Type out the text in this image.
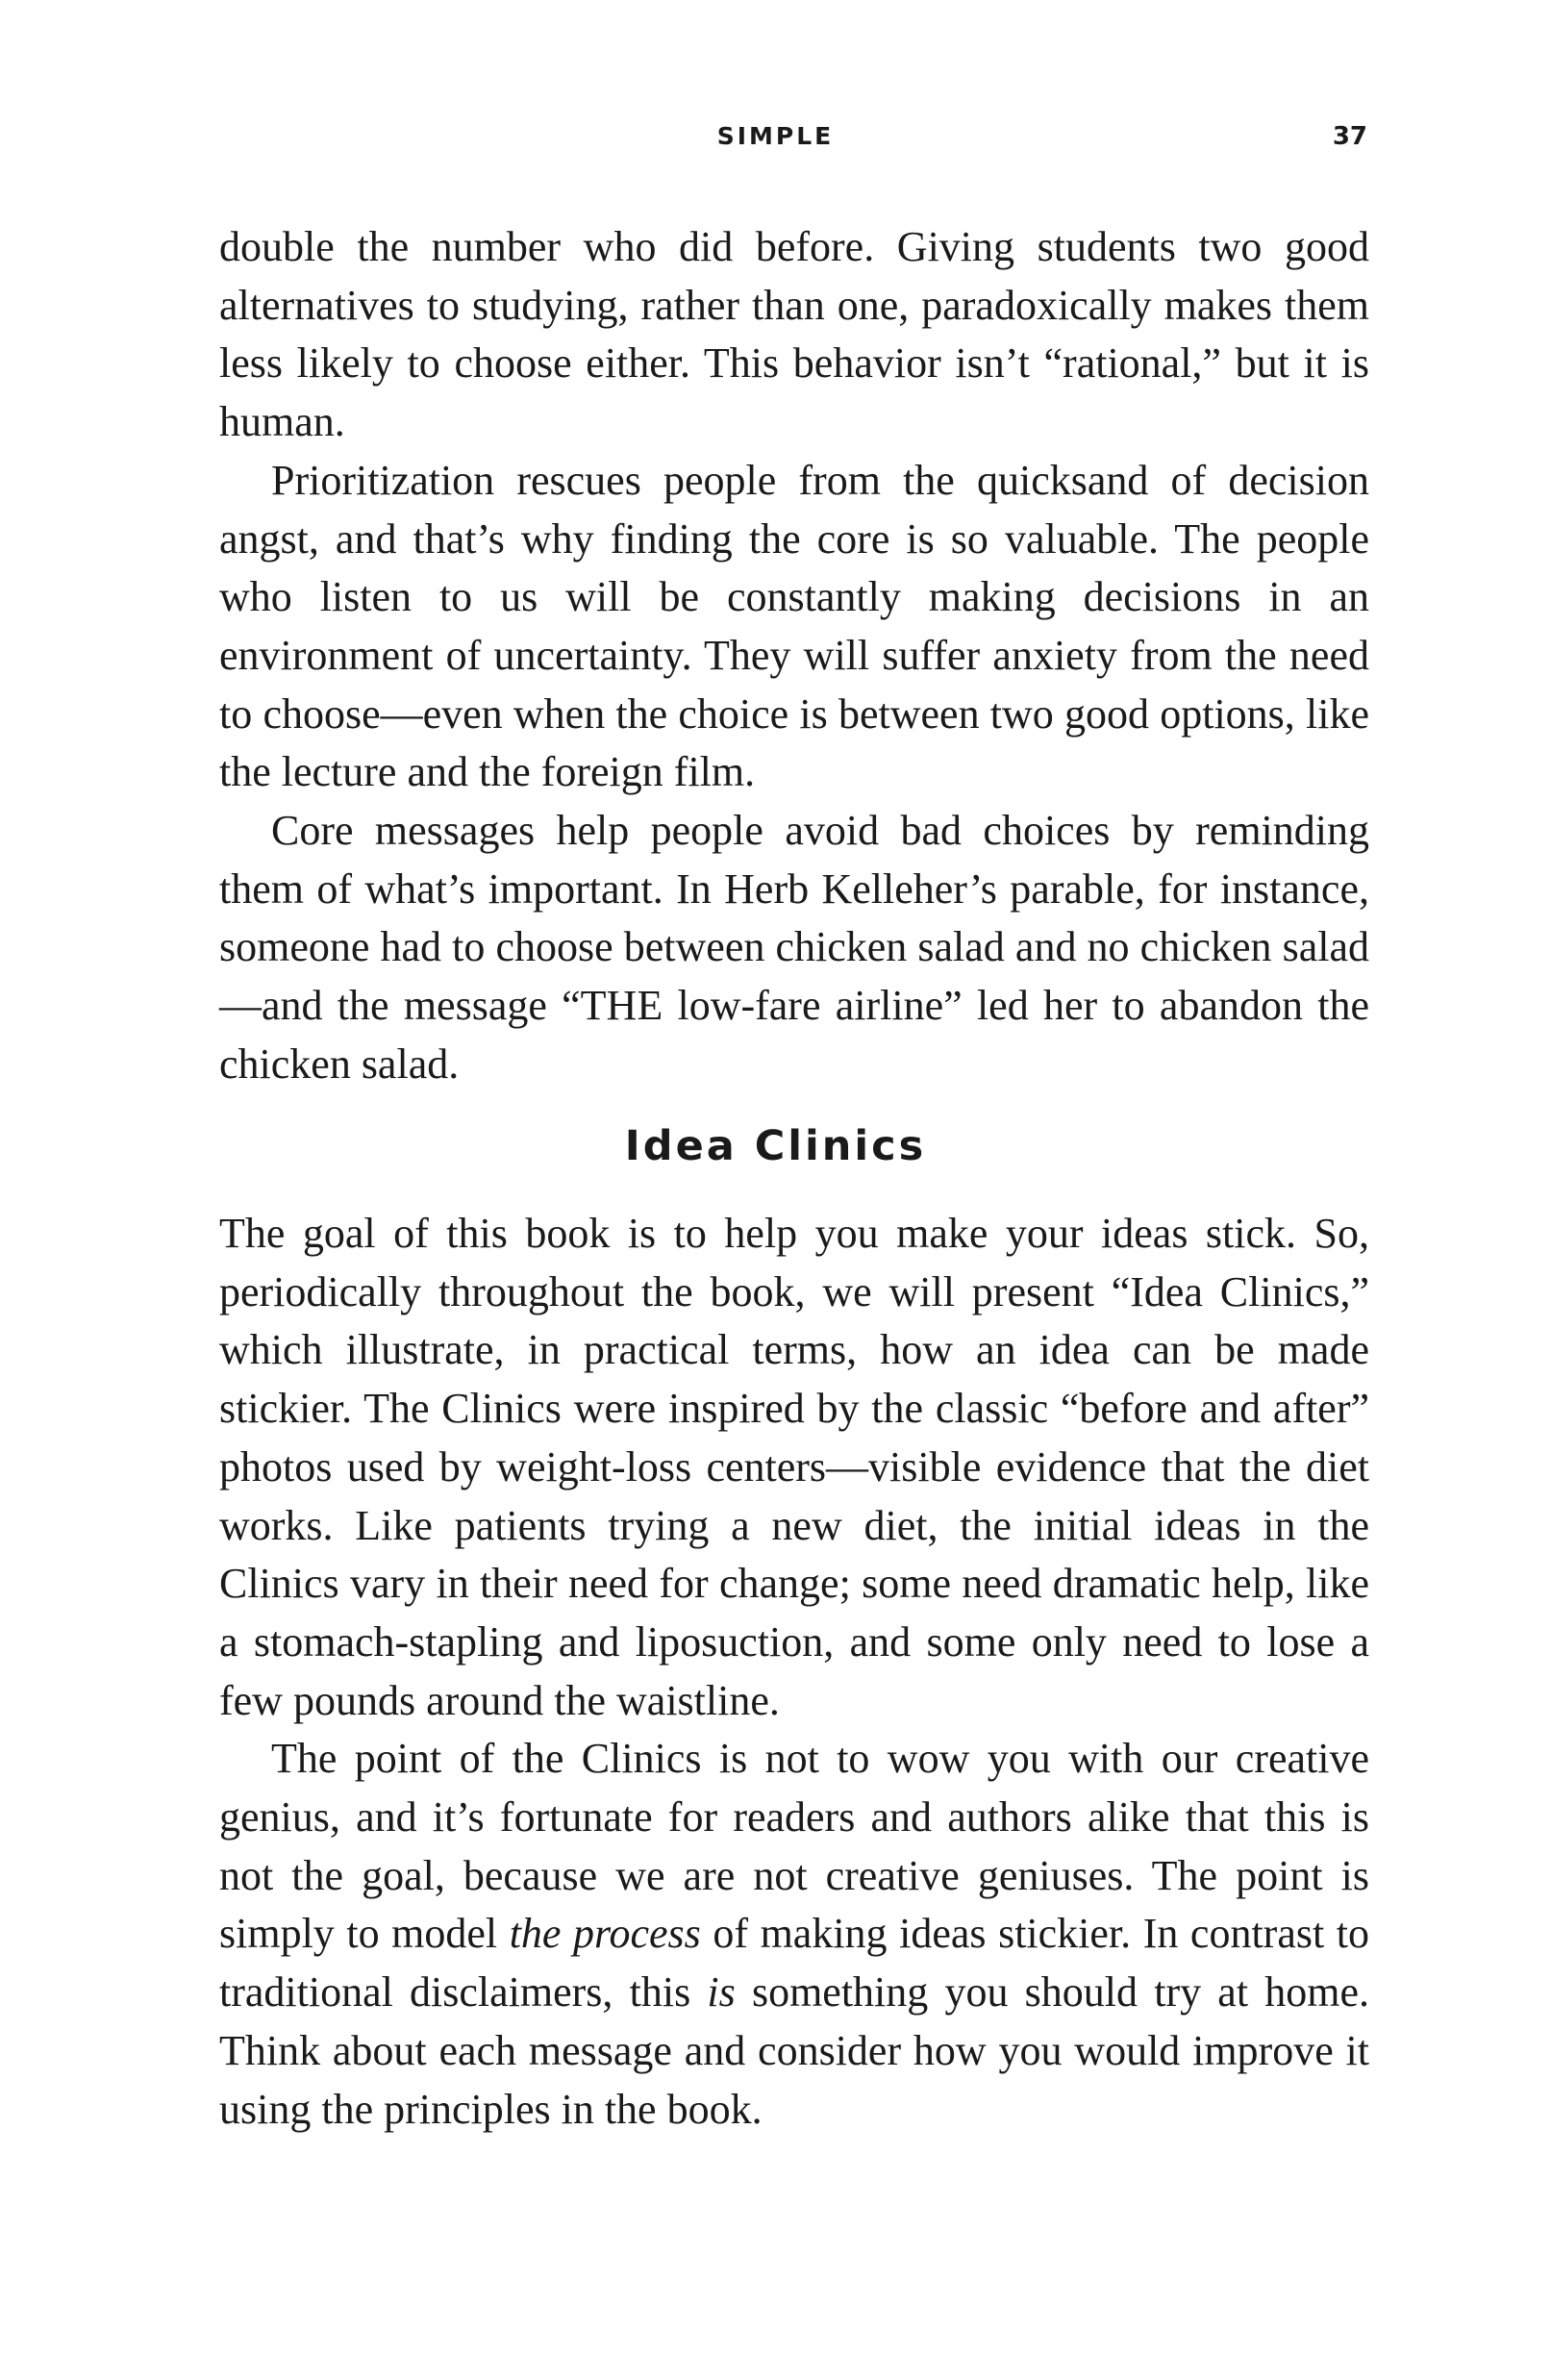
SIMPLE	37

double the number who did before. Giving students two good alternatives to studying, rather than one, paradoxically makes them less likely to choose either. This behavior isn’t “rational,” but it is human.

Prioritization rescues people from the quicksand of decision angst, and that’s why finding the core is so valuable. The people who listen to us will be constantly making decisions in an environment of uncertainty. They will suffer anxiety from the need to choose—even when the choice is between two good options, like the lecture and the foreign film.

Core messages help people avoid bad choices by reminding them of what’s important. In Herb Kelleher’s parable, for instance, someone had to choose between chicken salad and no chicken salad—and the message “THE low-fare airline” led her to abandon the chicken salad.

Idea Clinics

The goal of this book is to help you make your ideas stick. So, periodically throughout the book, we will present “Idea Clinics,” which illustrate, in practical terms, how an idea can be made stickier. The Clinics were inspired by the classic “before and after” photos used by weight-loss centers—visible evidence that the diet works. Like patients trying a new diet, the initial ideas in the Clinics vary in their need for change; some need dramatic help, like a stomach-stapling and liposuction, and some only need to lose a few pounds around the waistline.

The point of the Clinics is not to wow you with our creative genius, and it’s fortunate for readers and authors alike that this is not the goal, because we are not creative geniuses. The point is simply to model the process of making ideas stickier. In contrast to traditional disclaimers, this is something you should try at home. Think about each message and consider how you would improve it using the principles in the book.
